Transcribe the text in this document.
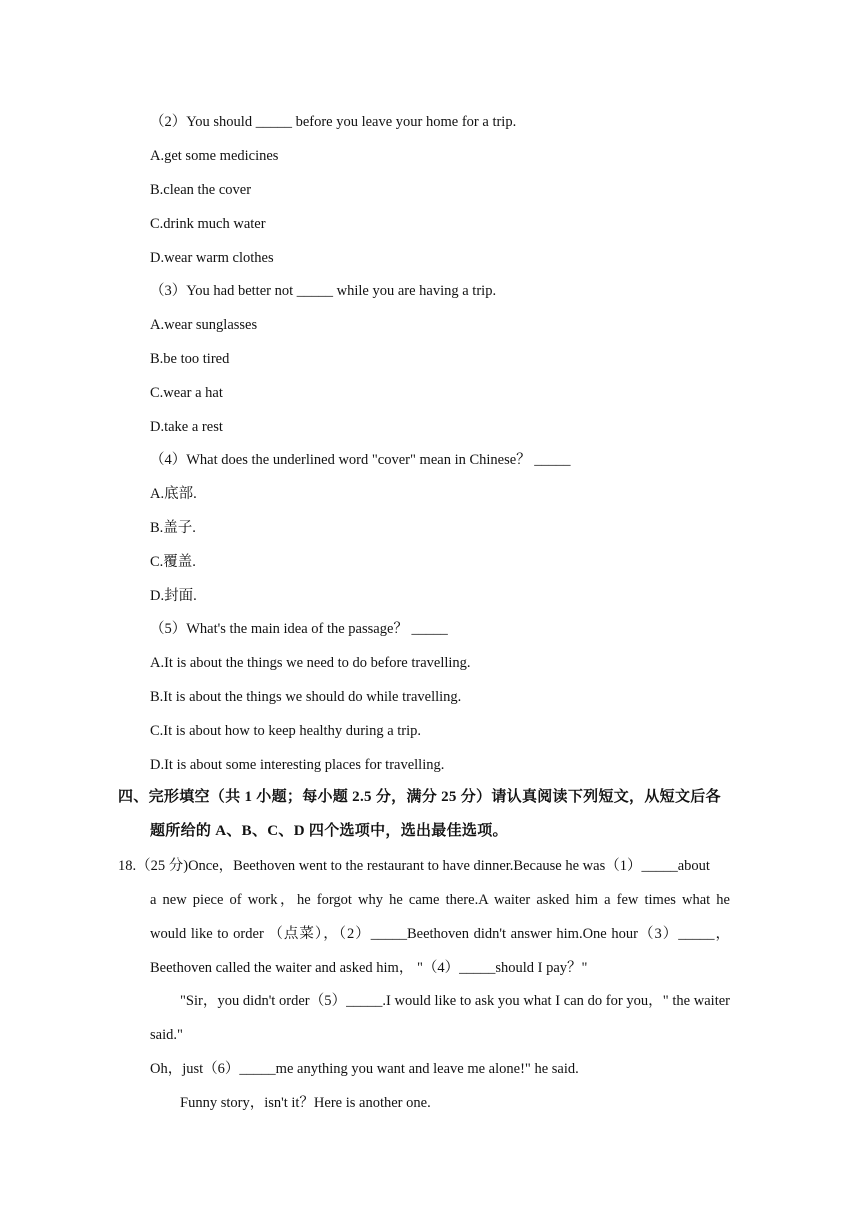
（2）You should _____ before you leave your home for a trip.
A.get some medicines
B.clean the cover
C.drink much water
D.wear warm clothes
（3）You had better not _____ while you are having a trip.
A.wear sunglasses
B.be too tired
C.wear a hat
D.take a rest
（4）What does the underlined word "cover" mean in Chinese？ _____
A.底部.
B.盖子.
C.覆盖.
D.封面.
（5）What's the main idea of the passage？ _____
A.It is about the things we need to do before travelling.
B.It is about the things we should do while travelling.
C.It is about how to keep healthy during a trip.
D.It is about some interesting places for travelling.
四、完形填空（共 1 小题；每小题 2.5 分，满分 25 分）请认真阅读下列短文，从短文后各
题所给的 A、B、C、D 四个选项中，选出最佳选项。
18.（25 分)Once，Beethoven went to the restaurant to have dinner.Because he was（1）_____about
a new piece of work，he forgot why he came there.A waiter asked him a few times what he
would like to order （点菜），（2）_____Beethoven didn't answer him.One hour（3）_____，
Beethoven called the waiter and asked him， "（4）_____should I pay？"
"Sir，you didn't order（5）_____.I would like to ask you what I can do for you，" the waiter
said."
Oh，just（6）_____me anything you want and leave me alone!" he said.
Funny story，isn't it？Here is another one.
